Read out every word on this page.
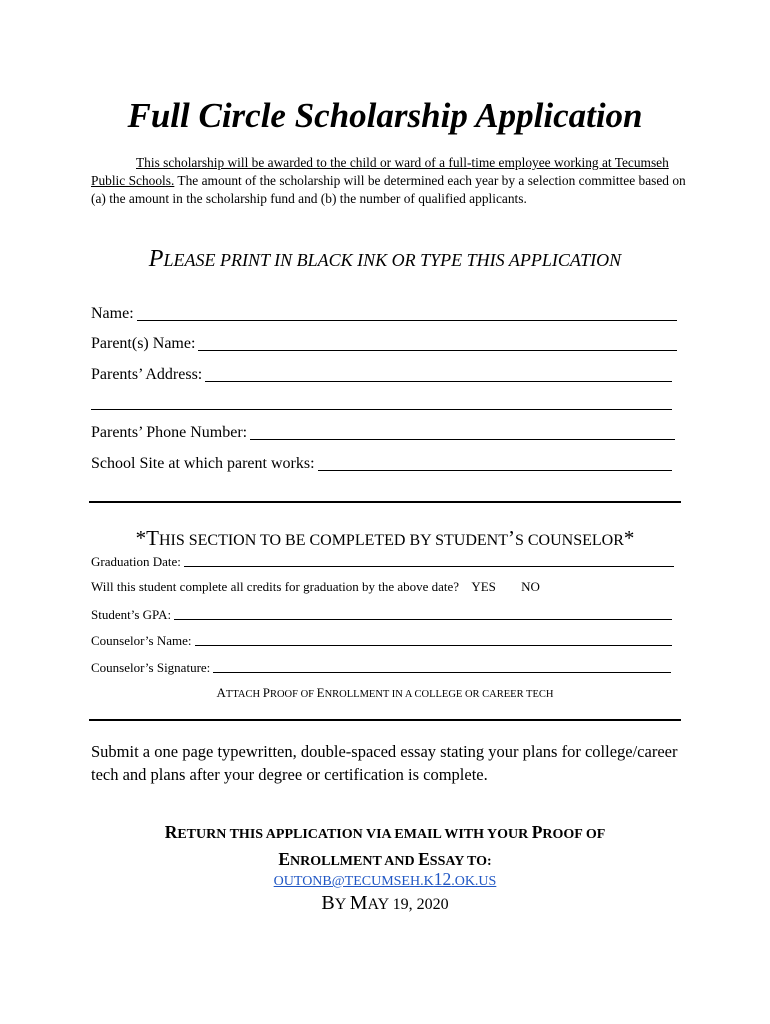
Full Circle Scholarship Application
This scholarship will be awarded to the child or ward of a full-time employee working at Tecumseh Public Schools. The amount of the scholarship will be determined each year by a selection committee based on (a) the amount in the scholarship fund and (b) the number of qualified applicants.
PLEASE PRINT IN BLACK INK OR TYPE THIS APPLICATION
Name:
Parent(s) Name:
Parents’ Address:
Parents’ Phone Number:
School Site at which parent works:
*THIS SECTION TO BE COMPLETED BY STUDENT’S COUNSELOR*
Graduation Date:
Will this student complete all credits for graduation by the above date? YES NO
Student’s GPA:
Counselor’s Name:
Counselor’s Signature:
ATTACH PROOF OF ENROLLMENT IN A COLLEGE OR CAREER TECH
Submit a one page typewritten, double-spaced essay stating your plans for college/career tech and plans after your degree or certification is complete.
RETURN THIS APPLICATION VIA EMAIL WITH YOUR PROOF OF
ENROLLMENT AND ESSAY TO:
OUTONB@TECUMSEH.K12.OK.US
BY MAY 19, 2020
